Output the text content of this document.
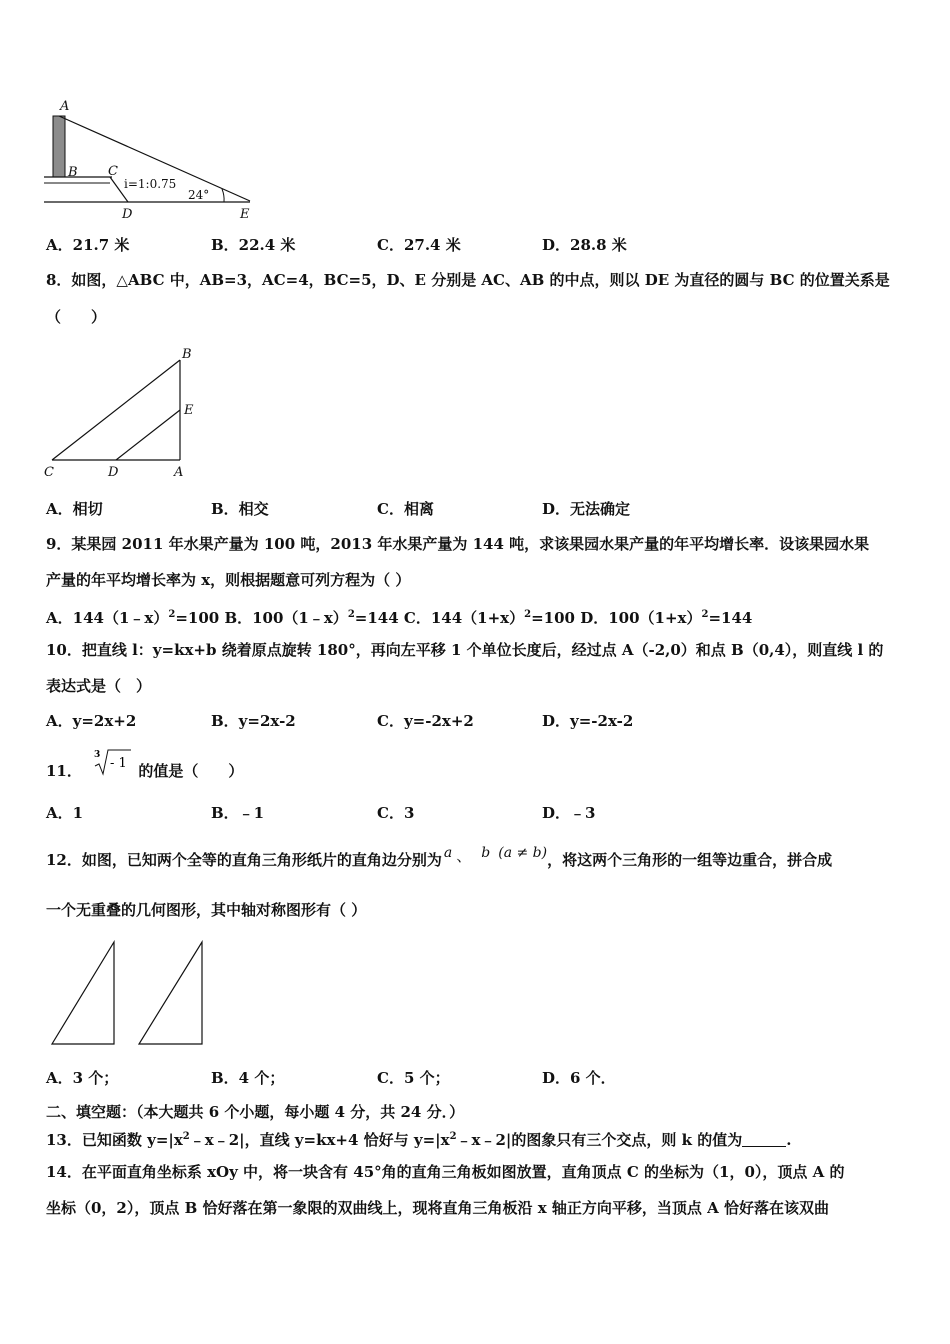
A
B C
D	E
i=1:0.75
24°
A．21.7 米	B．22.4 米	C．27.4 米	D．28.8 米
8．如图，△ABC 中，AB=3，AC=4，BC=5，D、E 分别是 AC、AB 的中点，则以 DE 为直径的圆与 BC 的位置关系是
（　　）
B
E
C	D	A
A．相切	B．相交	C．相离	D．无法确定
9．某果园 2011 年水果产量为 100 吨，2013 年水果产量为 144 吨，求该果园水果产量的年平均增长率．设该果园水果
产量的年平均增长率为 x，则根据题意可列方程为（ ）
A．144（1﹣x）$^2$=100 B．100（1﹣x）$^2$=144 C．$144(1+x)^2=100$ D．$100(1+x)^2=144$
10．把直线 l：y=kx+b 绕着原点旋转 180°，再向左平移 1 个单位长度后，经过点 A（-2,0）和点 B（0,4），则直线 l 的
表达式是（　）
A．y=2x+2	B．y=2x-2	C．y=-2x+2	D．y=-2x-2
11．
3
- 1 的值是（　　）
A．1	B．﹣1	C．3	D．﹣3
12．如图，已知两个全等的直角三角形纸片的直角边分别为 a 、 b (a ≠ b)，将这两个三角形的一组等边重合，拼合成
一个无重叠的几何图形，其中轴对称图形有（ ）
A．3 个；	B．4 个；	C．5 个；	D．6 个．
二、填空题：（本大题共 6 个小题，每小题 4 分，共 24 分．）
13．已知函数 $y=|x^2﹣x﹣2|$，直线 y=kx+4 恰好与 $y=|x^2﹣x﹣2|$的图象只有三个交点，则 k 的值为	.
14．在平面直角坐标系 xOy 中，将一块含有 45°角的直角三角板如图放置，直角顶点 C 的坐标为（1，0），顶点 A 的
坐标（0，2），顶点 B 恰好落在第一象限的双曲线上，现将直角三角板沿 x 轴正方向平移，当顶点 A 恰好落在该双曲
